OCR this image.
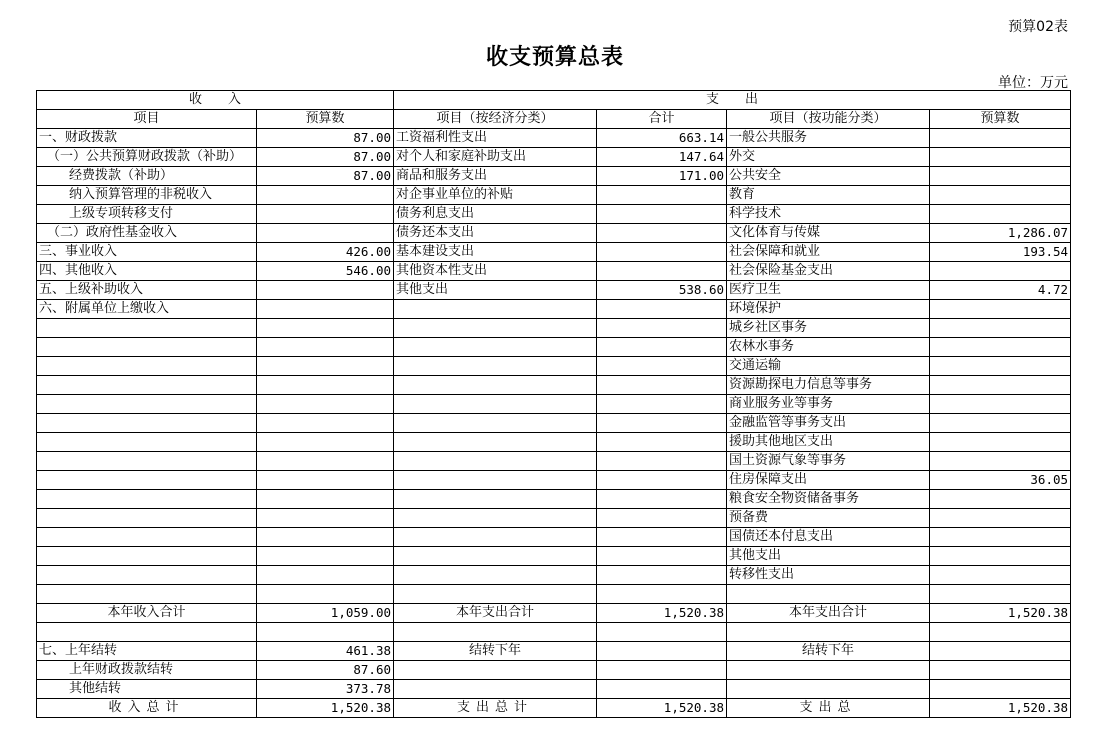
预算02表
收支预算总表
单位：万元
收　　入		支　　出			
项目	预算数	项目（按经济分类）	合计	项目（按功能分类）	预算数
一、财政拨款	87.00	工资福利性支出	663.14	一般公共服务	
（一）公共预算财政拨款（补助）	87.00	对个人和家庭补助支出	147.64	外交	
经费拨款（补助）	87.00	商品和服务支出	171.00	公共安全	
纳入预算管理的非税收入		对企事业单位的补贴		教育	
上级专项转移支付		债务利息支出		科学技术	
（二）政府性基金收入		债务还本支出		文化体育与传媒	1,286.07
三、事业收入	426.00	基本建设支出		社会保障和就业	193.54
四、其他收入	546.00	其他资本性支出		社会保险基金支出	
五、上级补助收入		其他支出	538.60	医疗卫生	4.72
六、附属单位上缴收入				环境保护	
				城乡社区事务	
				农林水事务	
				交通运输	
				资源勘探电力信息等事务	
				商业服务业等事务	
				金融监管等事务支出	
				援助其他地区支出	
				国土资源气象等事务	
				住房保障支出	36.05
				粮食安全物资储备事务	
				预备费	
				国债还本付息支出	
				其他支出	
				转移性支出	

本年收入合计	1,059.00	本年支出合计	1,520.38	本年支出合计	1,520.38

七、上年结转	461.38	结转下年		结转下年	
上年财政拨款结转	87.60				
其他结转	373.78				
收入总计	1,520.38	支出总计	1,520.38	支出总	1,520.38
